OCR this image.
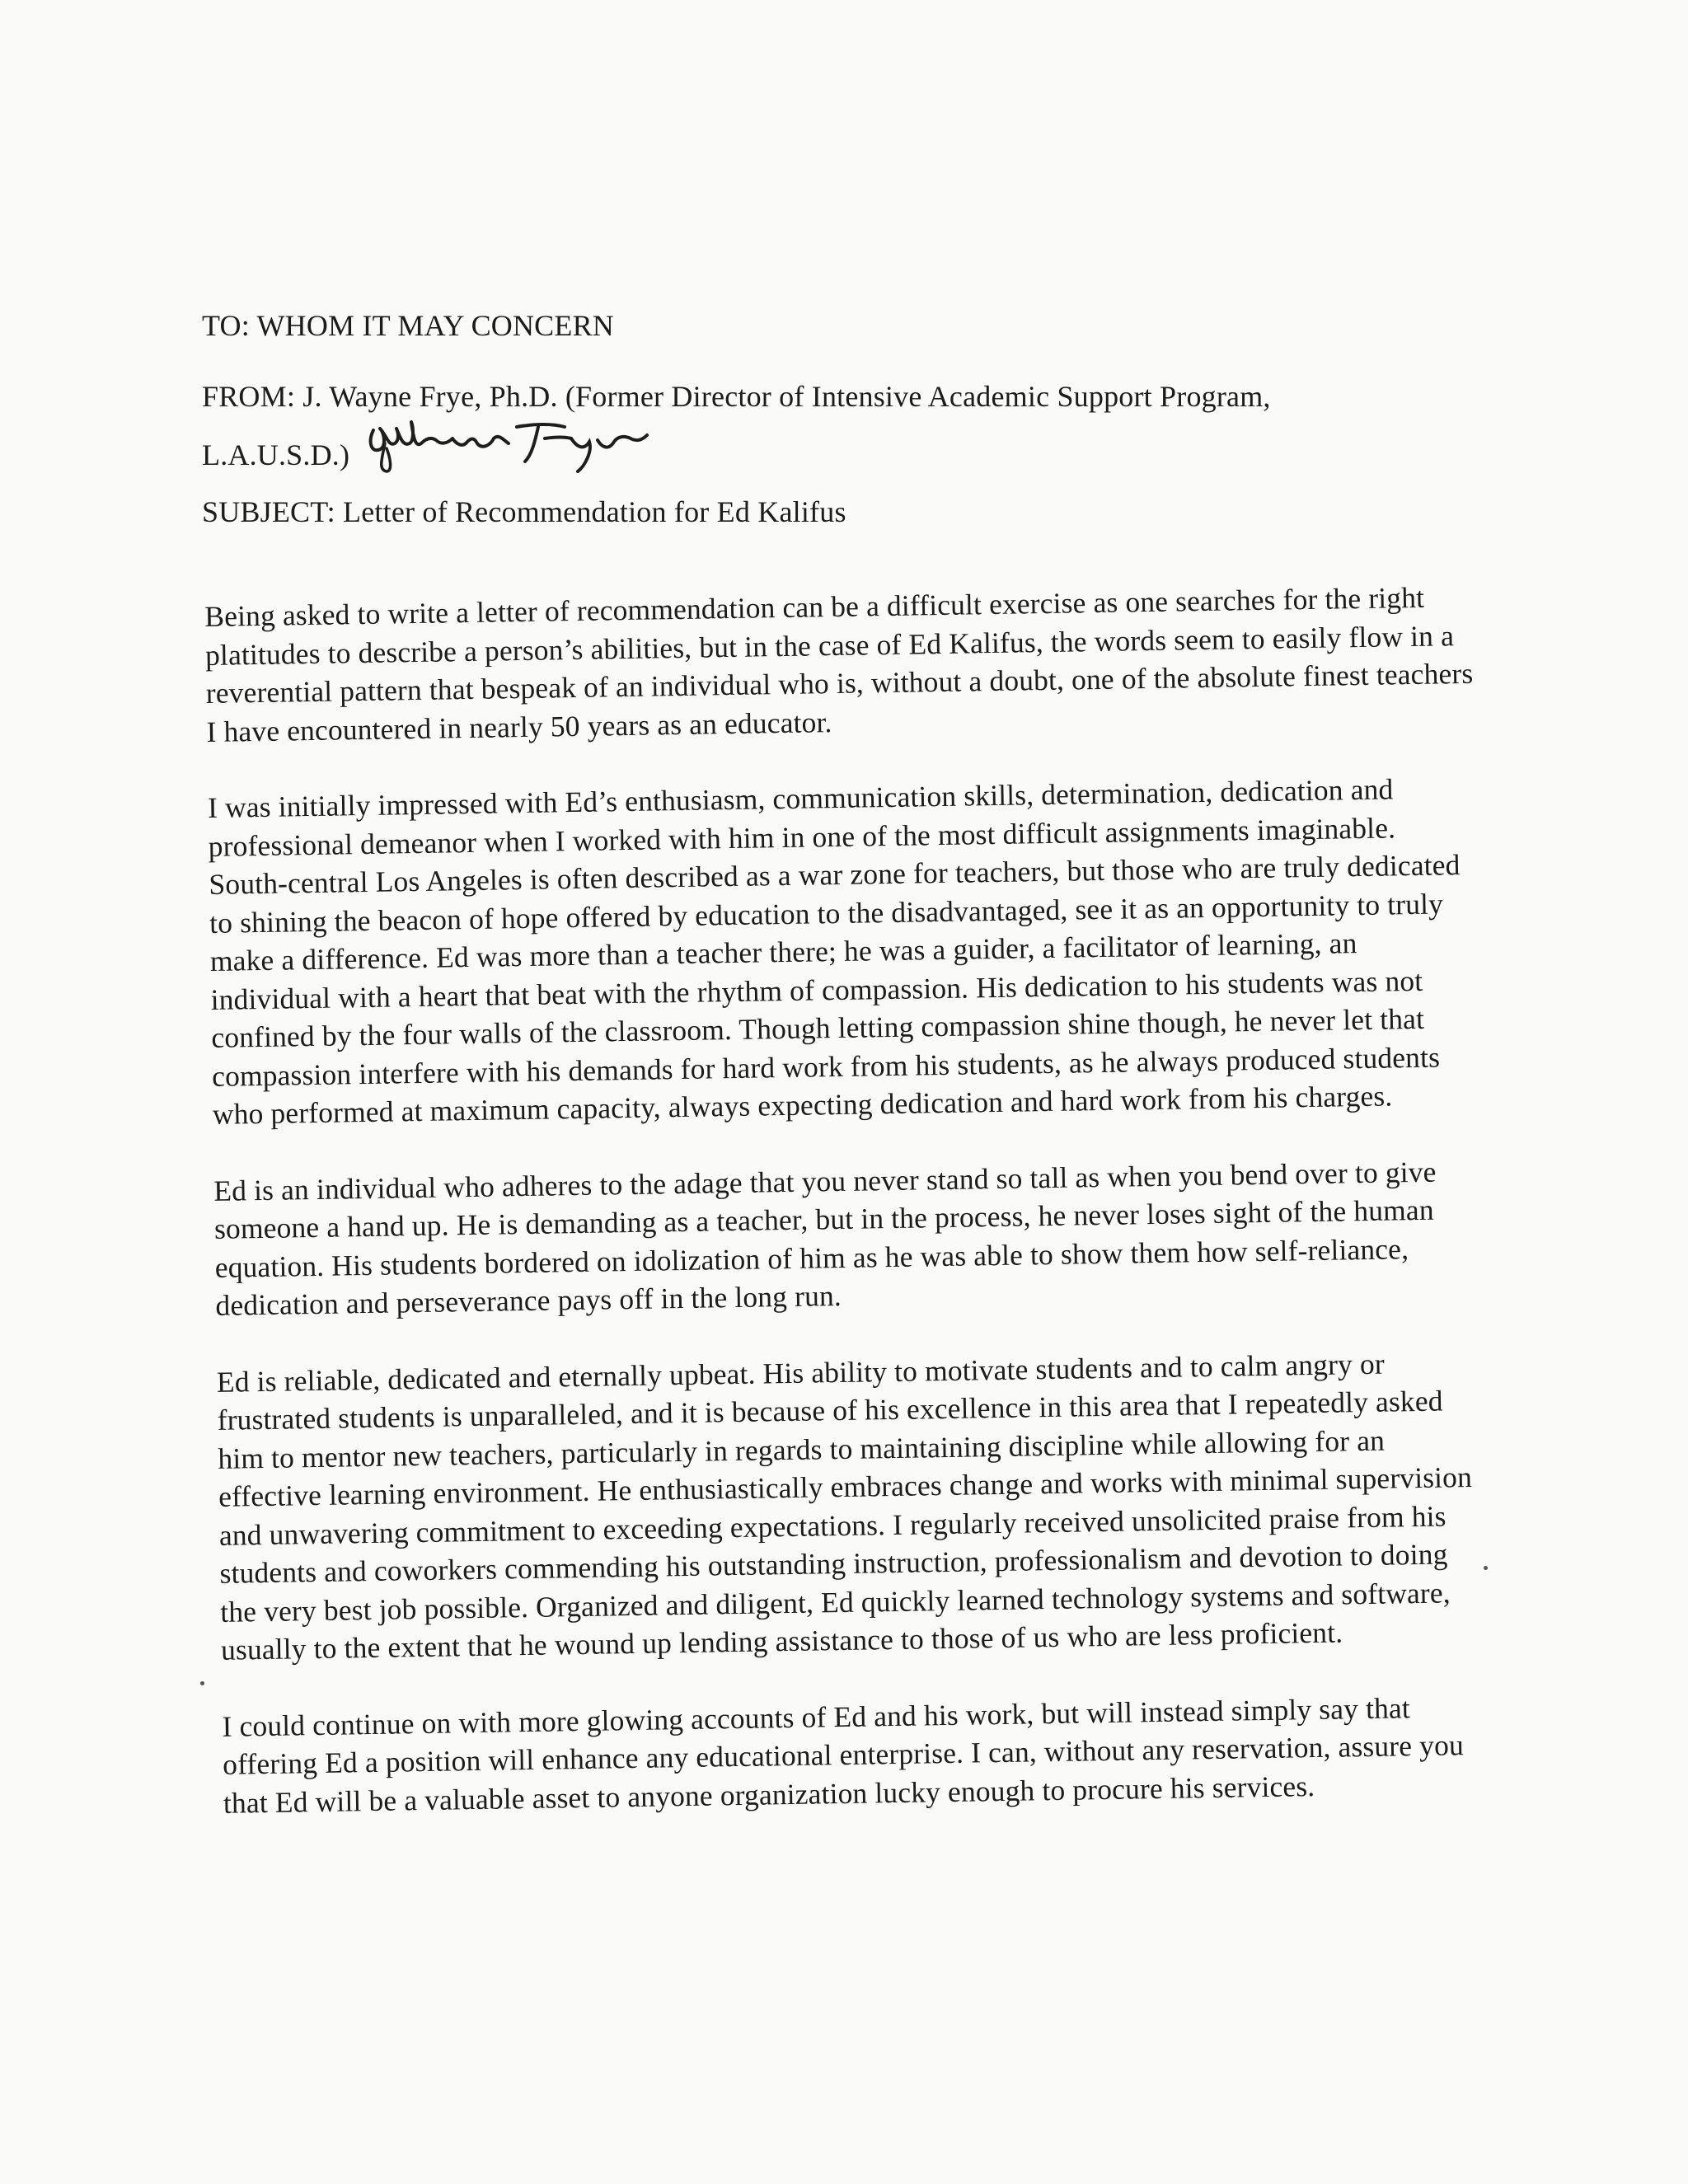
TO: WHOM IT MAY CONCERN
FROM: J. Wayne Frye, Ph.D. (Former Director of Intensive Academic Support Program,
L.A.U.S.D.)
SUBJECT: Letter of Recommendation for Ed Kalifus

Being asked to write a letter of recommendation can be a difficult exercise as one searches for the right platitudes to describe a person’s abilities, but in the case of Ed Kalifus, the words seem to easily flow in a reverential pattern that bespeak of an individual who is, without a doubt, one of the absolute finest teachers I have encountered in nearly 50 years as an educator.

I was initially impressed with Ed’s enthusiasm, communication skills, determination, dedication and professional demeanor when I worked with him in one of the most difficult assignments imaginable. South-central Los Angeles is often described as a war zone for teachers, but those who are truly dedicated to shining the beacon of hope offered by education to the disadvantaged, see it as an opportunity to truly make a difference. Ed was more than a teacher there; he was a guider, a facilitator of learning, an individual with a heart that beat with the rhythm of compassion. His dedication to his students was not confined by the four walls of the classroom. Though letting compassion shine though, he never let that compassion interfere with his demands for hard work from his students, as he always produced students who performed at maximum capacity, always expecting dedication and hard work from his charges.

Ed is an individual who adheres to the adage that you never stand so tall as when you bend over to give someone a hand up. He is demanding as a teacher, but in the process, he never loses sight of the human equation. His students bordered on idolization of him as he was able to show them how self-reliance, dedication and perseverance pays off in the long run.

Ed is reliable, dedicated and eternally upbeat. His ability to motivate students and to calm angry or frustrated students is unparalleled, and it is because of his excellence in this area that I repeatedly asked him to mentor new teachers, particularly in regards to maintaining discipline while allowing for an effective learning environment. He enthusiastically embraces change and works with minimal supervision and unwavering commitment to exceeding expectations. I regularly received unsolicited praise from his students and coworkers commending his outstanding instruction, professionalism and devotion to doing the very best job possible. Organized and diligent, Ed quickly learned technology systems and software, usually to the extent that he wound up lending assistance to those of us who are less proficient.

I could continue on with more glowing accounts of Ed and his work, but will instead simply say that offering Ed a position will enhance any educational enterprise. I can, without any reservation, assure you that Ed will be a valuable asset to anyone organization lucky enough to procure his services.
